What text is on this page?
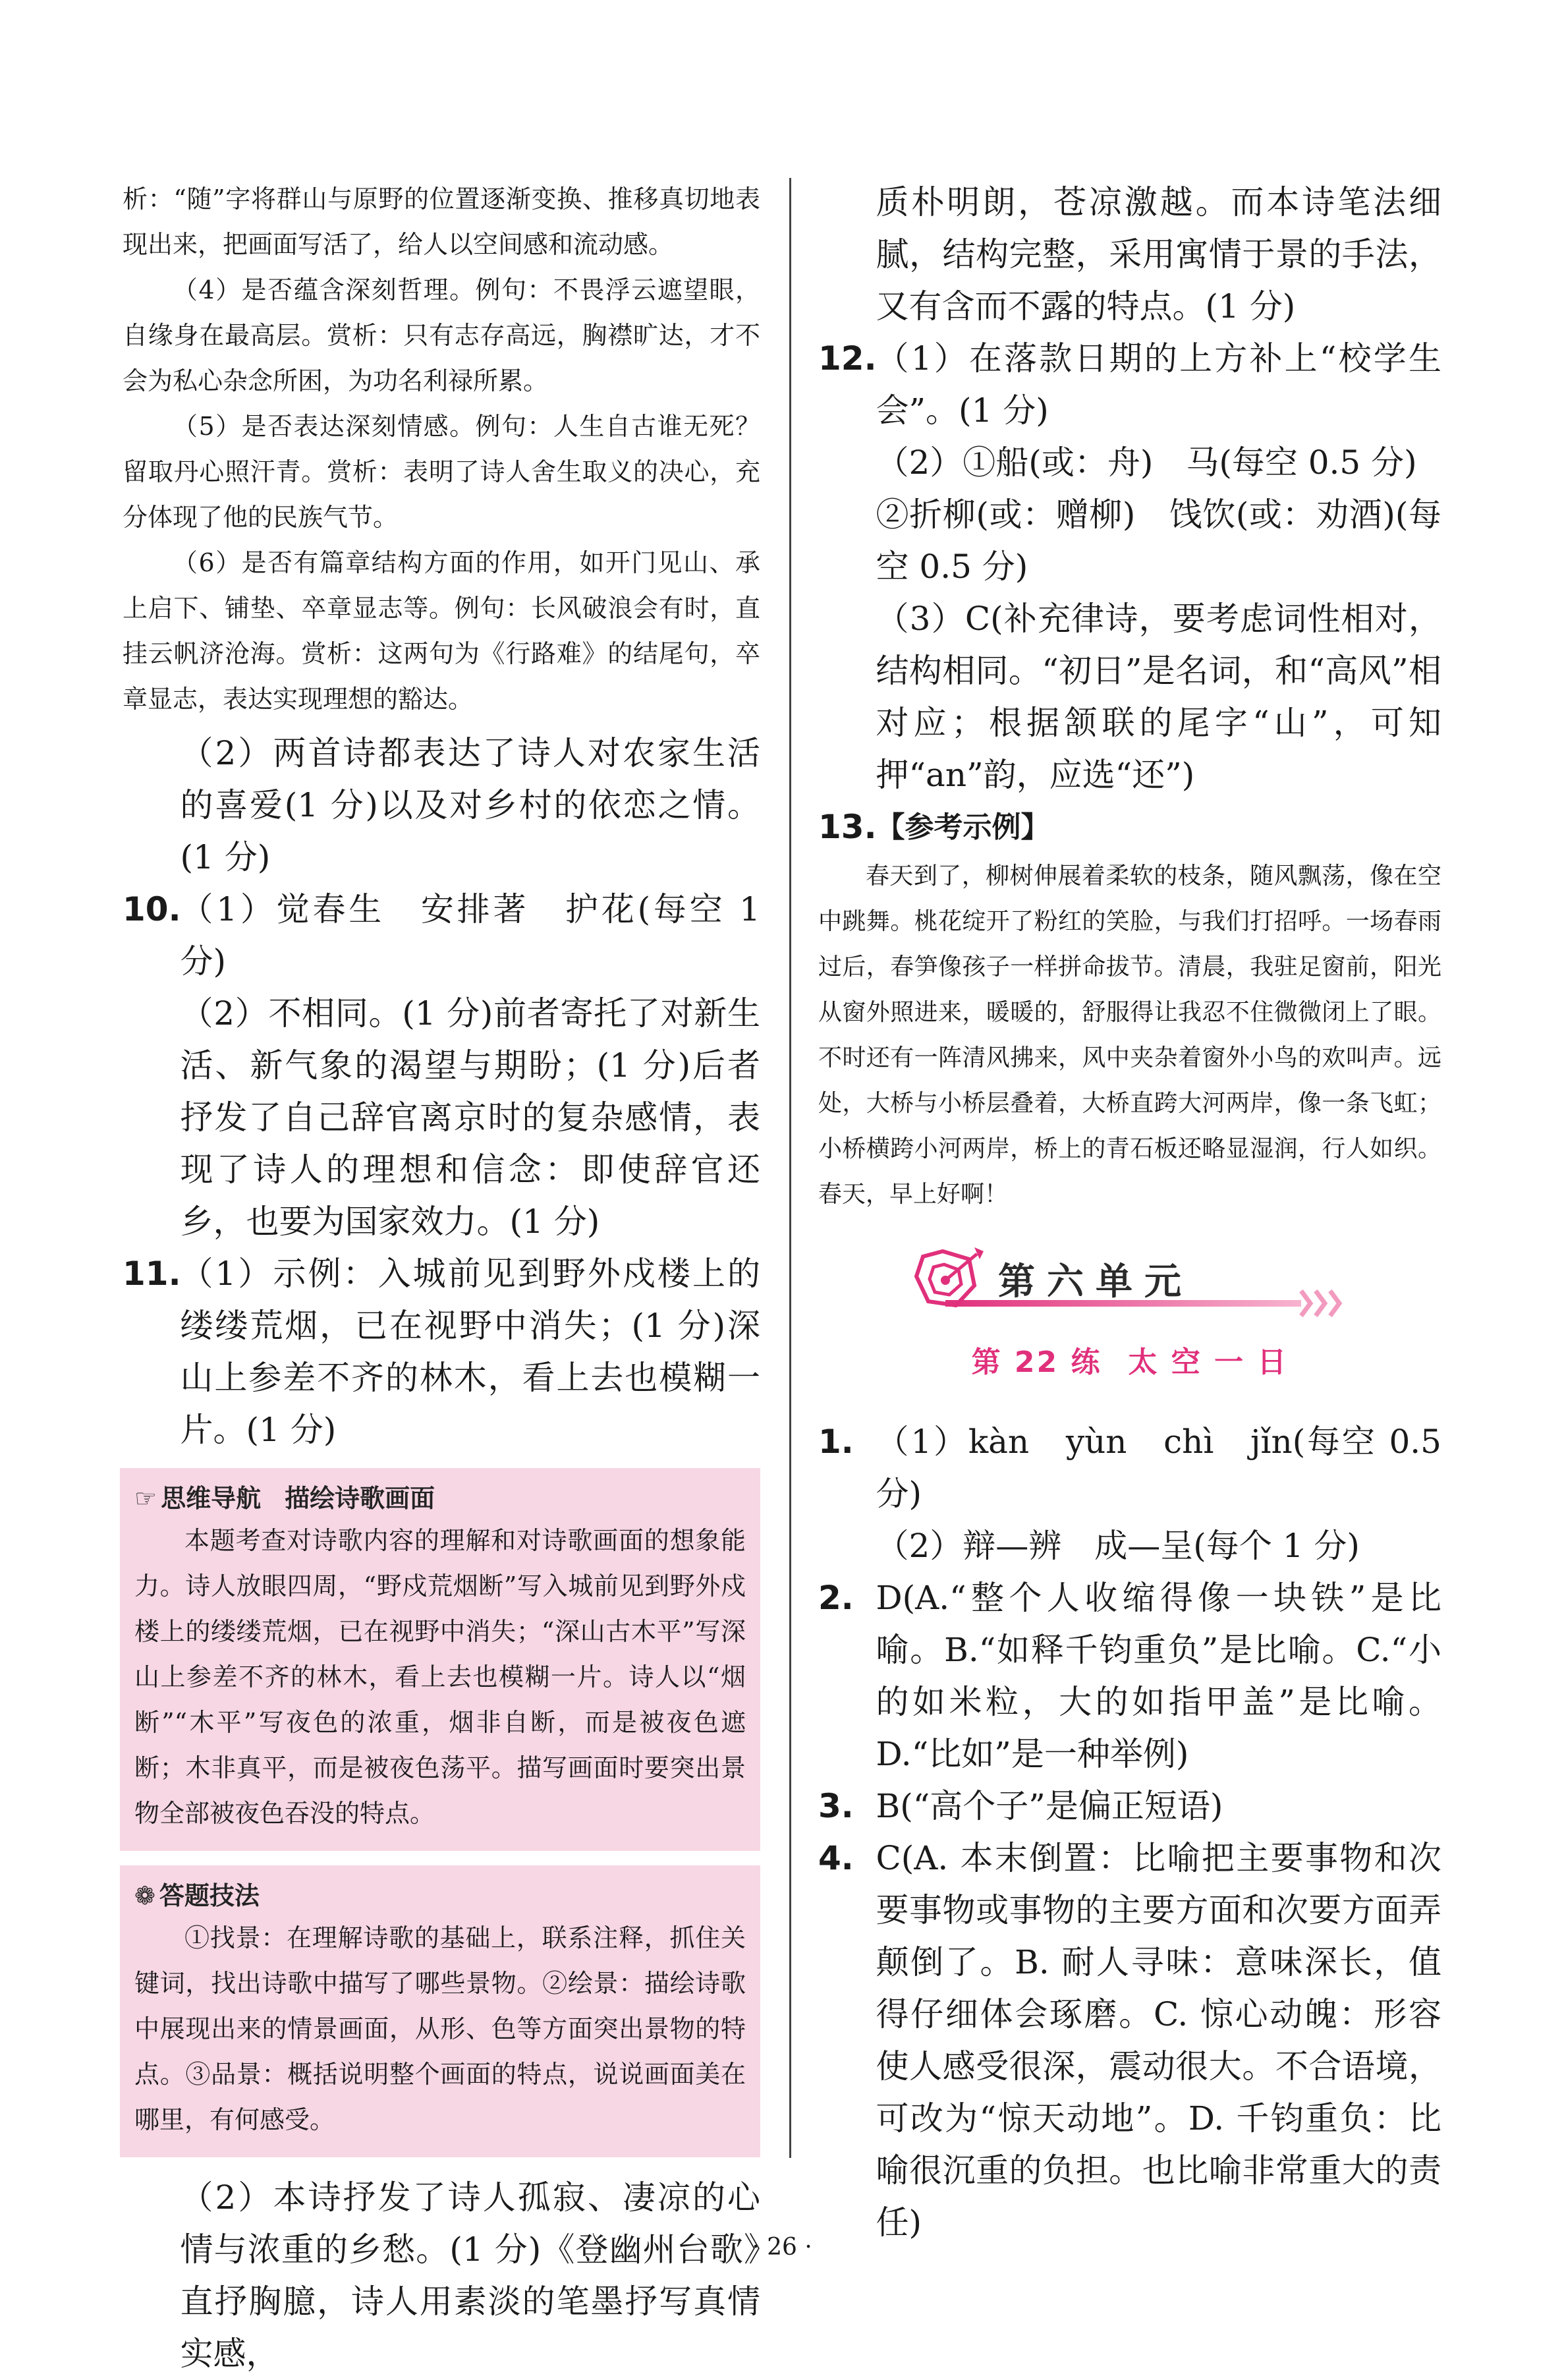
析：“随”字将群山与原野的位置逐渐变换、推移真切地表现出来，把画面写活了，给人以空间感和流动感。

（4）是否蕴含深刻哲理。例句：不畏浮云遮望眼，自缘身在最高层。赏析：只有志存高远，胸襟旷达，才不会为私心杂念所困，为功名利禄所累。

（5）是否表达深刻情感。例句：人生自古谁无死？留取丹心照汗青。赏析：表明了诗人舍生取义的决心，充分体现了他的民族气节。

（6）是否有篇章结构方面的作用，如开门见山、承上启下、铺垫、卒章显志等。例句：长风破浪会有时，直挂云帆济沧海。赏析：这两句为《行路难》的结尾句，卒章显志，表达实现理想的豁达。

（2）两首诗都表达了诗人对农家生活的喜爱(1 分)以及对乡村的依恋之情。(1 分)

10.

（1）觉春生　安排著　护花(每空 1 分)

（2）不相同。(1 分)前者寄托了对新生活、新气象的渴望与期盼；(1 分)后者抒发了自己辞官离京时的复杂感情，表现了诗人的理想和信念：即使辞官还乡，也要为国家效力。(1 分)

11.

（1）示例：入城前见到野外戍楼上的缕缕荒烟，已在视野中消失；(1 分)深山上参差不齐的林木，看上去也模糊一片。(1 分)

☞ 思维导航 描绘诗歌画面

本题考查对诗歌内容的理解和对诗歌画面的想象能力。诗人放眼四周，“野戍荒烟断”写入城前见到野外戍楼上的缕缕荒烟，已在视野中消失；“深山古木平”写深山上参差不齐的林木，看上去也模糊一片。诗人以“烟断”“木平”写夜色的浓重，烟非自断，而是被夜色遮断；木非真平，而是被夜色荡平。描写画面时要突出景物全部被夜色吞没的特点。

❁ 答题技法

①找景：在理解诗歌的基础上，联系注释，抓住关键词，找出诗歌中描写了哪些景物。②绘景：描绘诗歌中展现出来的情景画面，从形、色等方面突出景物的特点。③品景：概括说明整个画面的特点，说说画面美在哪里，有何感受。

（2）本诗抒发了诗人孤寂、凄凉的心情与浓重的乡愁。(1 分)《登幽州台歌》直抒胸臆，诗人用素淡的笔墨抒写真情实感，

质朴明朗，苍凉激越。而本诗笔法细腻，结构完整，采用寓情于景的手法，又有含而不露的特点。(1 分)

12.

（1）在落款日期的上方补上“校学生会”。(1 分)

（2）①船(或：舟)　马(每空 0.5 分)

②折柳(或：赠柳)　饯饮(或：劝酒)(每空 0.5 分)

（3）C(补充律诗，要考虑词性相对，结构相同。“初日”是名词，和“高风”相对应；根据颔联的尾字“山”，可知押“an”韵，应选“还”)

13.

【参考示例】

春天到了，柳树伸展着柔软的枝条，随风飘荡，像在空中跳舞。桃花绽开了粉红的笑脸，与我们打招呼。一场春雨过后，春笋像孩子一样拼命拔节。清晨，我驻足窗前，阳光从窗外照进来，暖暖的，舒服得让我忍不住微微闭上了眼。不时还有一阵清风拂来，风中夹杂着窗外小鸟的欢叫声。远处，大桥与小桥层叠着，大桥直跨大河两岸，像一条飞虹；小桥横跨小河两岸，桥上的青石板还略显湿润，行人如织。春天，早上好啊！

第六单元
第 22 练 太 空 一 日
1. （1）kàn　yùn　chì　jǐn(每空 0.5 分)

（2）辩—辨　成—呈(每个 1 分)

2. D(A.“整个人收缩得像一块铁”是比喻。B.“如释千钧重负”是比喻。C.“小的如米粒，大的如指甲盖”是比喻。D.“比如”是一种举例)

3. B(“高个子”是偏正短语)

4. C(A. 本末倒置：比喻把主要事物和次要事物或事物的主要方面和次要方面弄颠倒了。B. 耐人寻味：意味深长，值得仔细体会琢磨。C. 惊心动魄：形容使人感受很深，震动很大。不合语境，可改为“惊天动地”。D. 千钧重负：比喻很沉重的负担。也比喻非常重大的责任)

· 26 ·
